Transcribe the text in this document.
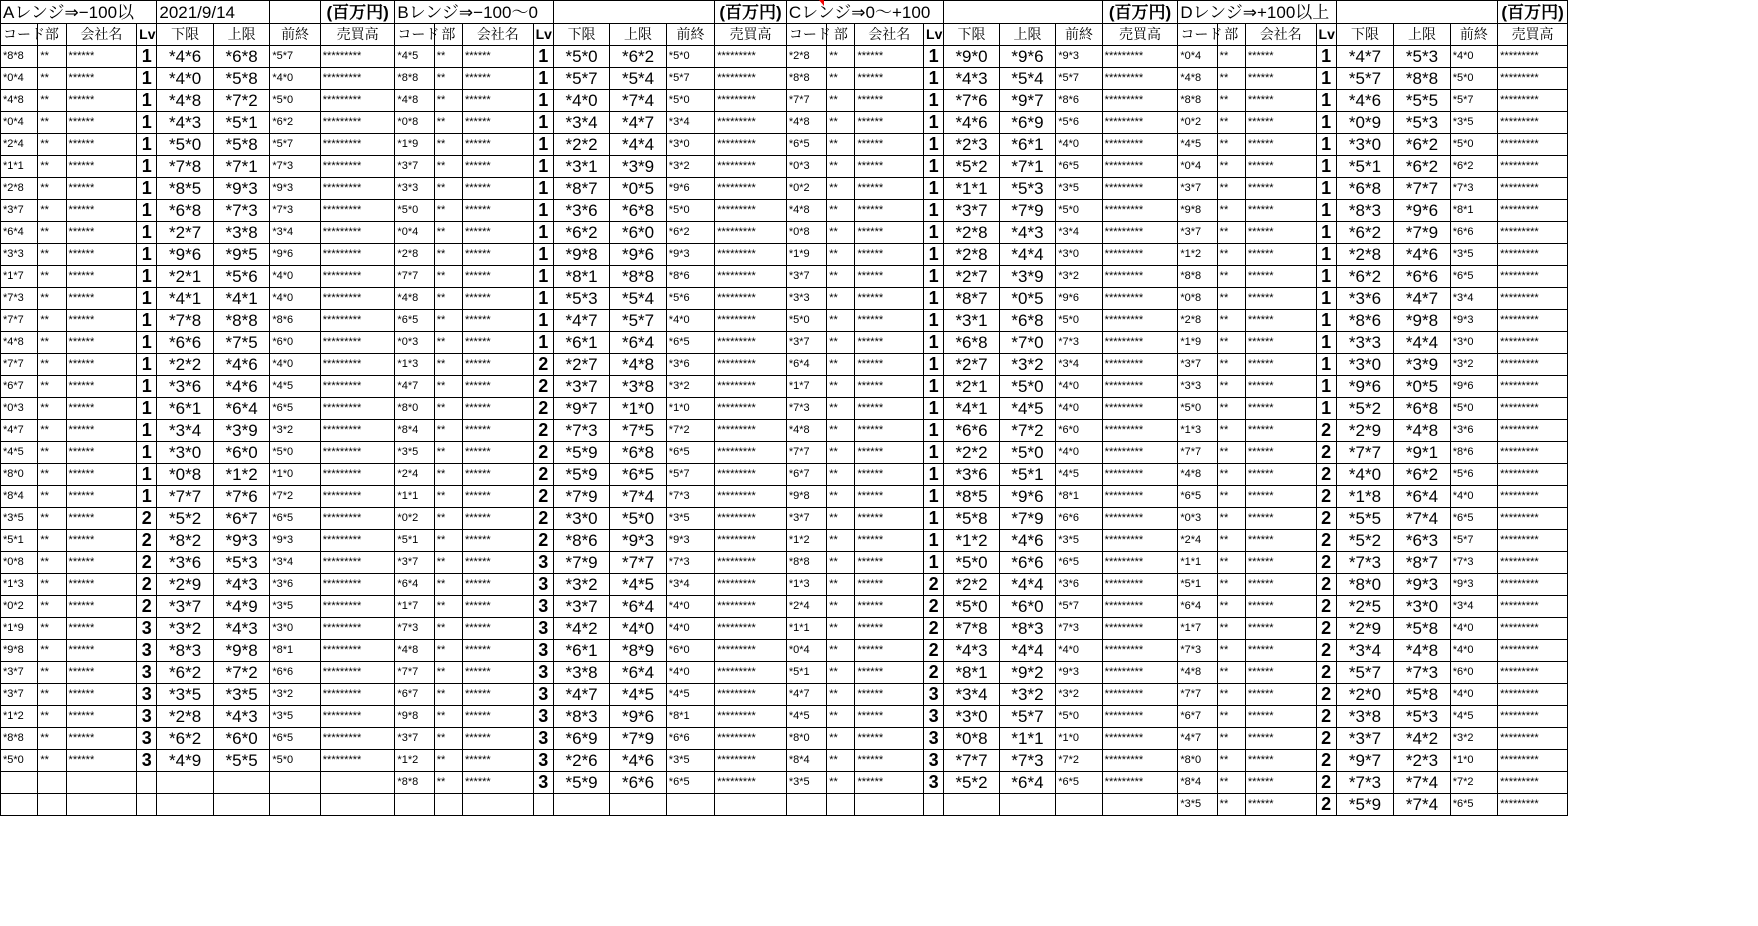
Aレンジ⇒−100以				2021/9/14			(百万円)	Bレンジ⇒−100〜0							(百万円)	Cレンジ⇒0〜+100							(百万円)	Dレンジ⇒+100以上							(百万円)
コード	部	会社名	Lv	下限	上限	前終	売買高	コード	部	会社名	Lv	下限	上限	前終	売買高	コード	部	会社名	Lv	下限	上限	前終	売買高	コード	部	会社名	Lv	下限	上限	前終	売買高
*8*8	**	******	1	*4*6	*6*8	*5*7	*********	*4*5	**	******	1	*5*0	*6*2	*5*0	*********	*2*8	**	******	1	*9*0	*9*6	*9*3	*********	*0*4	**	******	1	*4*7	*5*3	*4*0	*********
*0*4	**	******	1	*4*0	*5*8	*4*0	*********	*8*8	**	******	1	*5*7	*5*4	*5*7	*********	*8*8	**	******	1	*4*3	*5*4	*5*7	*********	*4*8	**	******	1	*5*7	*8*8	*5*0	*********
*4*8	**	******	1	*4*8	*7*2	*5*0	*********	*4*8	**	******	1	*4*0	*7*4	*5*0	*********	*7*7	**	******	1	*7*6	*9*7	*8*6	*********	*8*8	**	******	1	*4*6	*5*5	*5*7	*********
*0*4	**	******	1	*4*3	*5*1	*6*2	*********	*0*8	**	******	1	*3*4	*4*7	*3*4	*********	*4*8	**	******	1	*4*6	*6*9	*5*6	*********	*0*2	**	******	1	*0*9	*5*3	*3*5	*********
*2*4	**	******	1	*5*0	*5*8	*5*7	*********	*1*9	**	******	1	*2*2	*4*4	*3*0	*********	*6*5	**	******	1	*2*3	*6*1	*4*0	*********	*4*5	**	******	1	*3*0	*6*2	*5*0	*********
*1*1	**	******	1	*7*8	*7*1	*7*3	*********	*3*7	**	******	1	*3*1	*3*9	*3*2	*********	*0*3	**	******	1	*5*2	*7*1	*6*5	*********	*0*4	**	******	1	*5*1	*6*2	*6*2	*********
*2*8	**	******	1	*8*5	*9*3	*9*3	*********	*3*3	**	******	1	*8*7	*0*5	*9*6	*********	*0*2	**	******	1	*1*1	*5*3	*3*5	*********	*3*7	**	******	1	*6*8	*7*7	*7*3	*********
*3*7	**	******	1	*6*8	*7*3	*7*3	*********	*5*0	**	******	1	*3*6	*6*8	*5*0	*********	*4*8	**	******	1	*3*7	*7*9	*5*0	*********	*9*8	**	******	1	*8*3	*9*6	*8*1	*********
*6*4	**	******	1	*2*7	*3*8	*3*4	*********	*0*4	**	******	1	*6*2	*6*0	*6*2	*********	*0*8	**	******	1	*2*8	*4*3	*3*4	*********	*3*7	**	******	1	*6*2	*7*9	*6*6	*********
*3*3	**	******	1	*9*6	*9*5	*9*6	*********	*2*8	**	******	1	*9*8	*9*6	*9*3	*********	*1*9	**	******	1	*2*8	*4*4	*3*0	*********	*1*2	**	******	1	*2*8	*4*6	*3*5	*********
*1*7	**	******	1	*2*1	*5*6	*4*0	*********	*7*7	**	******	1	*8*1	*8*8	*8*6	*********	*3*7	**	******	1	*2*7	*3*9	*3*2	*********	*8*8	**	******	1	*6*2	*6*6	*6*5	*********
*7*3	**	******	1	*4*1	*4*1	*4*0	*********	*4*8	**	******	1	*5*3	*5*4	*5*6	*********	*3*3	**	******	1	*8*7	*0*5	*9*6	*********	*0*8	**	******	1	*3*6	*4*7	*3*4	*********
*7*7	**	******	1	*7*8	*8*8	*8*6	*********	*6*5	**	******	1	*4*7	*5*7	*4*0	*********	*5*0	**	******	1	*3*1	*6*8	*5*0	*********	*2*8	**	******	1	*8*6	*9*8	*9*3	*********
*4*8	**	******	1	*6*6	*7*5	*6*0	*********	*0*3	**	******	1	*6*1	*6*4	*6*5	*********	*3*7	**	******	1	*6*8	*7*0	*7*3	*********	*1*9	**	******	1	*3*3	*4*4	*3*0	*********
*7*7	**	******	1	*2*2	*4*6	*4*0	*********	*1*3	**	******	2	*2*7	*4*8	*3*6	*********	*6*4	**	******	1	*2*7	*3*2	*3*4	*********	*3*7	**	******	1	*3*0	*3*9	*3*2	*********
*6*7	**	******	1	*3*6	*4*6	*4*5	*********	*4*7	**	******	2	*3*7	*3*8	*3*2	*********	*1*7	**	******	1	*2*1	*5*0	*4*0	*********	*3*3	**	******	1	*9*6	*0*5	*9*6	*********
*0*3	**	******	1	*6*1	*6*4	*6*5	*********	*8*0	**	******	2	*9*7	*1*0	*1*0	*********	*7*3	**	******	1	*4*1	*4*5	*4*0	*********	*5*0	**	******	1	*5*2	*6*8	*5*0	*********
*4*7	**	******	1	*3*4	*3*9	*3*2	*********	*8*4	**	******	2	*7*3	*7*5	*7*2	*********	*4*8	**	******	1	*6*6	*7*2	*6*0	*********	*1*3	**	******	2	*2*9	*4*8	*3*6	*********
*4*5	**	******	1	*3*0	*6*0	*5*0	*********	*3*5	**	******	2	*5*9	*6*8	*6*5	*********	*7*7	**	******	1	*2*2	*5*0	*4*0	*********	*7*7	**	******	2	*7*7	*9*1	*8*6	*********
*8*0	**	******	1	*0*8	*1*2	*1*0	*********	*2*4	**	******	2	*5*9	*6*5	*5*7	*********	*6*7	**	******	1	*3*6	*5*1	*4*5	*********	*4*8	**	******	2	*4*0	*6*2	*5*6	*********
*8*4	**	******	1	*7*7	*7*6	*7*2	*********	*1*1	**	******	2	*7*9	*7*4	*7*3	*********	*9*8	**	******	1	*8*5	*9*6	*8*1	*********	*6*5	**	******	2	*1*8	*6*4	*4*0	*********
*3*5	**	******	2	*5*2	*6*7	*6*5	*********	*0*2	**	******	2	*3*0	*5*0	*3*5	*********	*3*7	**	******	1	*5*8	*7*9	*6*6	*********	*0*3	**	******	2	*5*5	*7*4	*6*5	*********
*5*1	**	******	2	*8*2	*9*3	*9*3	*********	*5*1	**	******	2	*8*6	*9*3	*9*3	*********	*1*2	**	******	1	*1*2	*4*6	*3*5	*********	*2*4	**	******	2	*5*2	*6*3	*5*7	*********
*0*8	**	******	2	*3*6	*5*3	*3*4	*********	*3*7	**	******	3	*7*9	*7*7	*7*3	*********	*8*8	**	******	1	*5*0	*6*6	*6*5	*********	*1*1	**	******	2	*7*3	*8*7	*7*3	*********
*1*3	**	******	2	*2*9	*4*3	*3*6	*********	*6*4	**	******	3	*3*2	*4*5	*3*4	*********	*1*3	**	******	2	*2*2	*4*4	*3*6	*********	*5*1	**	******	2	*8*0	*9*3	*9*3	*********
*0*2	**	******	2	*3*7	*4*9	*3*5	*********	*1*7	**	******	3	*3*7	*6*4	*4*0	*********	*2*4	**	******	2	*5*0	*6*0	*5*7	*********	*6*4	**	******	2	*2*5	*3*0	*3*4	*********
*1*9	**	******	3	*3*2	*4*3	*3*0	*********	*7*3	**	******	3	*4*2	*4*0	*4*0	*********	*1*1	**	******	2	*7*8	*8*3	*7*3	*********	*1*7	**	******	2	*2*9	*5*8	*4*0	*********
*9*8	**	******	3	*8*3	*9*8	*8*1	*********	*4*8	**	******	3	*6*1	*8*9	*6*0	*********	*0*4	**	******	2	*4*3	*4*4	*4*0	*********	*7*3	**	******	2	*3*4	*4*8	*4*0	*********
*3*7	**	******	3	*6*2	*7*2	*6*6	*********	*7*7	**	******	3	*3*8	*6*4	*4*0	*********	*5*1	**	******	2	*8*1	*9*2	*9*3	*********	*4*8	**	******	2	*5*7	*7*3	*6*0	*********
*3*7	**	******	3	*3*5	*3*5	*3*2	*********	*6*7	**	******	3	*4*7	*4*5	*4*5	*********	*4*7	**	******	3	*3*4	*3*2	*3*2	*********	*7*7	**	******	2	*2*0	*5*8	*4*0	*********
*1*2	**	******	3	*2*8	*4*3	*3*5	*********	*9*8	**	******	3	*8*3	*9*6	*8*1	*********	*4*5	**	******	3	*3*0	*5*7	*5*0	*********	*6*7	**	******	2	*3*8	*5*3	*4*5	*********
*8*8	**	******	3	*6*2	*6*0	*6*5	*********	*3*7	**	******	3	*6*9	*7*9	*6*6	*********	*8*0	**	******	3	*0*8	*1*1	*1*0	*********	*4*7	**	******	2	*3*7	*4*2	*3*2	*********
*5*0	**	******	3	*4*9	*5*5	*5*0	*********	*1*2	**	******	3	*2*6	*4*6	*3*5	*********	*8*4	**	******	3	*7*7	*7*3	*7*2	*********	*8*0	**	******	2	*9*7	*2*3	*1*0	*********
								*8*8	**	******	3	*5*9	*6*6	*6*5	*********	*3*5	**	******	3	*5*2	*6*4	*6*5	*********	*8*4	**	******	2	*7*3	*7*4	*7*2	*********
																								*3*5	**	******	2	*5*9	*7*4	*6*5	*********
